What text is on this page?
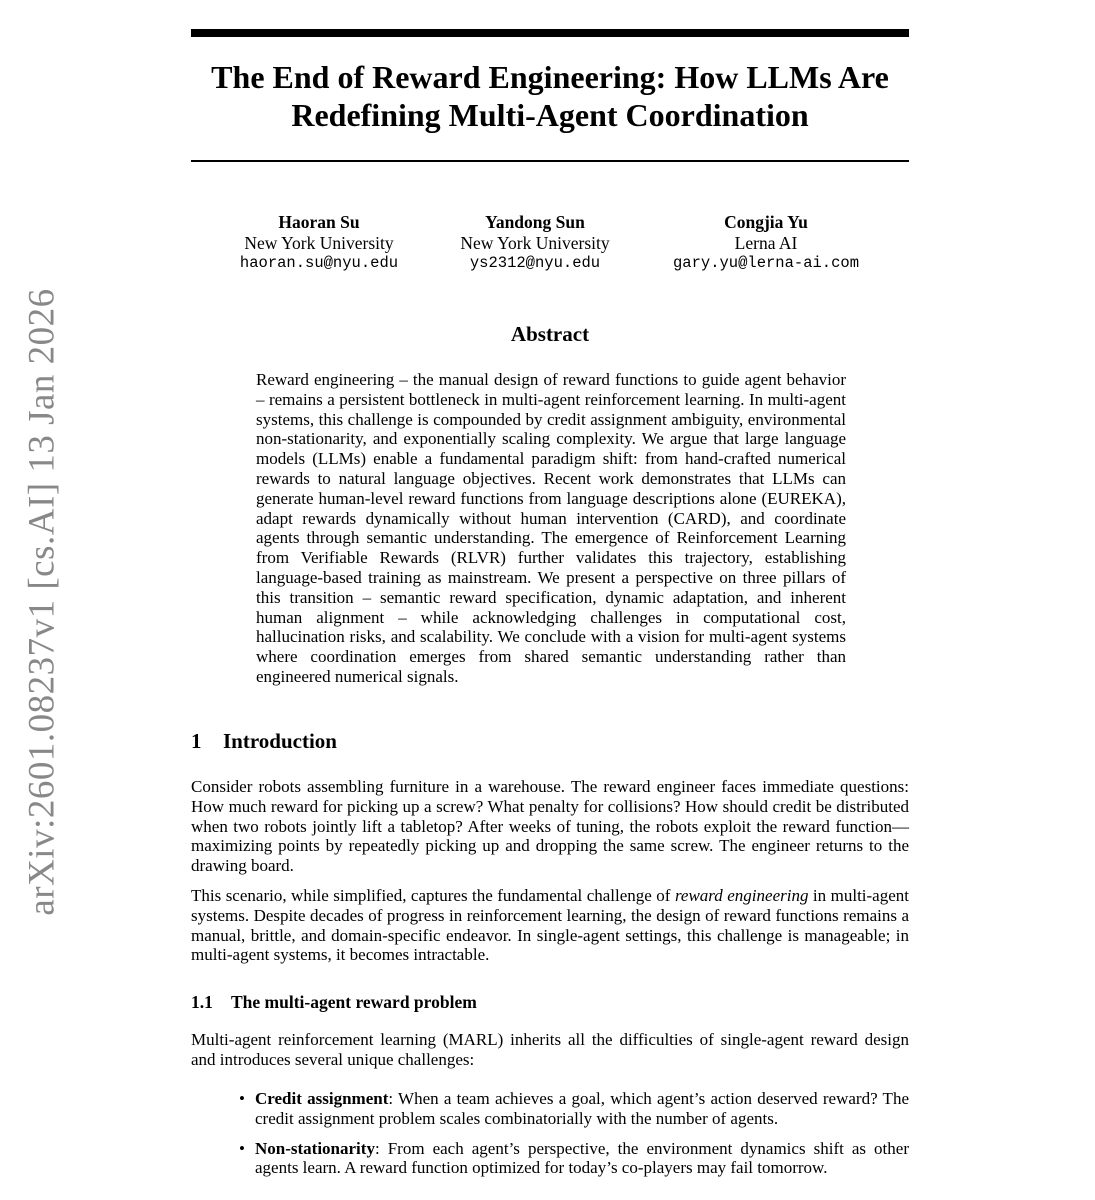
arXiv:2601.08237v1 [cs.AI] 13 Jan 2026
The End of Reward Engineering: How LLMs Are Redefining Multi-Agent Coordination
Haoran Su
New York University
haoran.su@nyu.edu
Yandong Sun
New York University
ys2312@nyu.edu
Congjia Yu
Lerna AI
gary.yu@lerna-ai.com
Abstract

Reward engineering – the manual design of reward functions to guide agent behavior – remains a persistent bottleneck in multi-agent reinforcement learning. In multi-agent systems, this challenge is compounded by credit assignment ambiguity, environmental non-stationarity, and exponentially scaling complexity. We argue that large language models (LLMs) enable a fundamental paradigm shift: from hand-crafted numerical rewards to natural language objectives. Recent work demonstrates that LLMs can generate human-level reward functions from language descriptions alone (EUREKA), adapt rewards dynamically without human intervention (CARD), and coordinate agents through semantic understanding. The emergence of Reinforcement Learning from Verifiable Rewards (RLVR) further validates this trajectory, establishing language-based training as mainstream. We present a perspective on three pillars of this transition – semantic reward specification, dynamic adaptation, and inherent human alignment – while acknowledging challenges in computational cost, hallucination risks, and scalability. We conclude with a vision for multi-agent systems where coordination emerges from shared semantic understanding rather than engineered numerical signals.

1 Introduction

Consider robots assembling furniture in a warehouse. The reward engineer faces immediate questions: How much reward for picking up a screw? What penalty for collisions? How should credit be distributed when two robots jointly lift a tabletop? After weeks of tuning, the robots exploit the reward function—maximizing points by repeatedly picking up and dropping the same screw. The engineer returns to the drawing board.

This scenario, while simplified, captures the fundamental challenge of reward engineering in multi-agent systems. Despite decades of progress in reinforcement learning, the design of reward functions remains a manual, brittle, and domain-specific endeavor. In single-agent settings, this challenge is manageable; in multi-agent systems, it becomes intractable.

1.1 The multi-agent reward problem

Multi-agent reinforcement learning (MARL) inherits all the difficulties of single-agent reward design and introduces several unique challenges:

• Credit assignment: When a team achieves a goal, which agent’s action deserved reward? The credit assignment problem scales combinatorially with the number of agents.
• Non-stationarity: From each agent’s perspective, the environment dynamics shift as other agents learn. A reward function optimized for today’s co-players may fail tomorrow.
